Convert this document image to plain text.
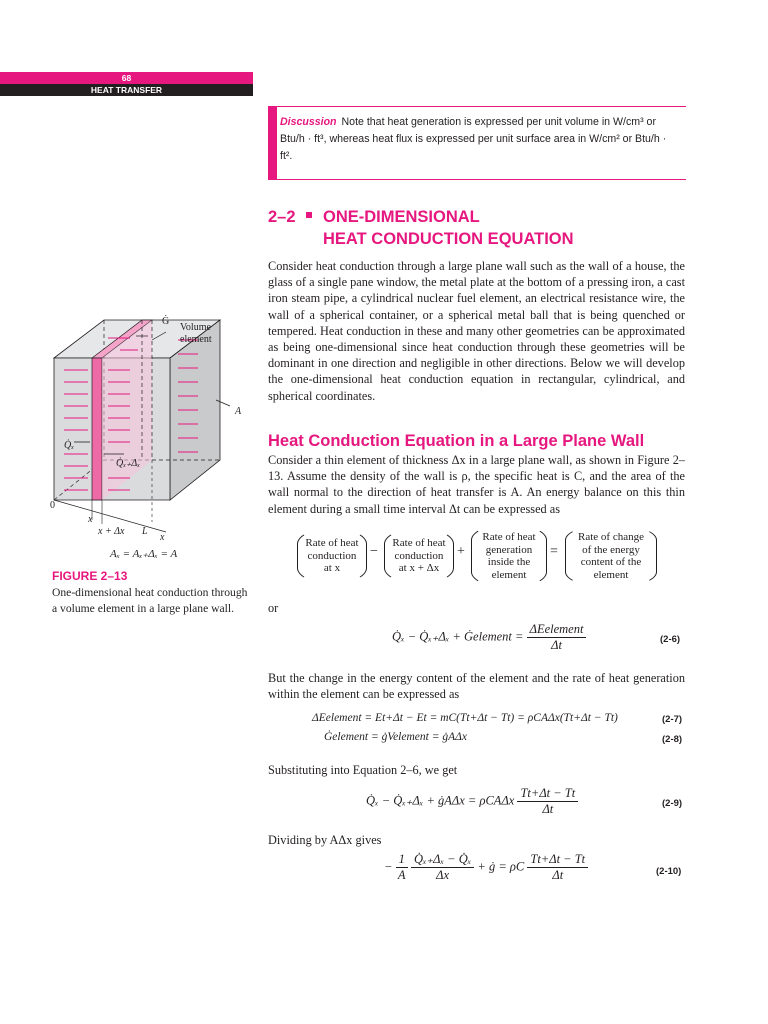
68
HEAT TRANSFER
Discussion Note that heat generation is expressed per unit volume in W/cm³ or Btu/h · ft³, whereas heat flux is expressed per unit surface area in W/cm² or Btu/h · ft².
2–2 ONE-DIMENSIONAL
HEAT CONDUCTION EQUATION
Consider heat conduction through a large plane wall such as the wall of a house, the glass of a single pane window, the metal plate at the bottom of a pressing iron, a cast iron steam pipe, a cylindrical nuclear fuel element, an electrical resistance wire, the wall of a spherical container, or a spherical metal ball that is being quenched or tempered. Heat conduction in these and many other geometries can be approximated as being one-dimensional since heat conduction through these geometries will be dominant in one direction and negligible in other directions. Below we will develop the one-dimensional heat conduction equation in rectangular, cylindrical, and spherical coordinates.
Heat Conduction Equation in a Large Plane Wall
Consider a thin element of thickness Δx in a large plane wall, as shown in Figure 2–13. Assume the density of the wall is ρ, the specific heat is C, and the area of the wall normal to the direction of heat transfer is A. An energy balance on this thin element during a small time interval Δt can be expressed as
Rate of heat
conduction
at x
−
Rate of heat
conduction
at x + Δx
+
Rate of heat
generation
inside the
element
=
Rate of change
of the energy
content of the
element
or
Q̇ₓ − Q̇ₓ₊Δₓ + Ġelement = $\frac{\text{ΔEelement}}{\Delta t}$	(2-6)
But the change in the energy content of the element and the rate of heat generation within the element can be expressed as
ΔEelement = Et+Δt − Et = mC(Tt+Δt − Tt) = ρCAΔx(Tt+Δt − Tt)	(2-7)
Ġelement = ġVelement = ġAΔx	(2-8)
Substituting into Equation 2–6, we get
Q̇ₓ − Q̇ₓ₊Δₓ + ġAΔx = ρCAΔx $\frac{Tt+\Delta t - Tt}{\Delta t}$	(2-9)
Dividing by AΔx gives
− $\frac{1}{A}$
$\frac{\text{Q̇ₓ₊Δₓ − Q̇ₓ}}{\Delta x}$ + ġ = ρC $\frac{Tt+\Delta t - Tt}{\Delta t}$	(2-10)
Ġ
Volume
element
A
Q̇ₓ
Q̇ₓ₊Δₓ
0
x
x + Δx L
x
Aₓ = Aₓ₊Δₓ = A
FIGURE 2–13
One-dimensional heat conduction through a volume element in a large plane wall.
